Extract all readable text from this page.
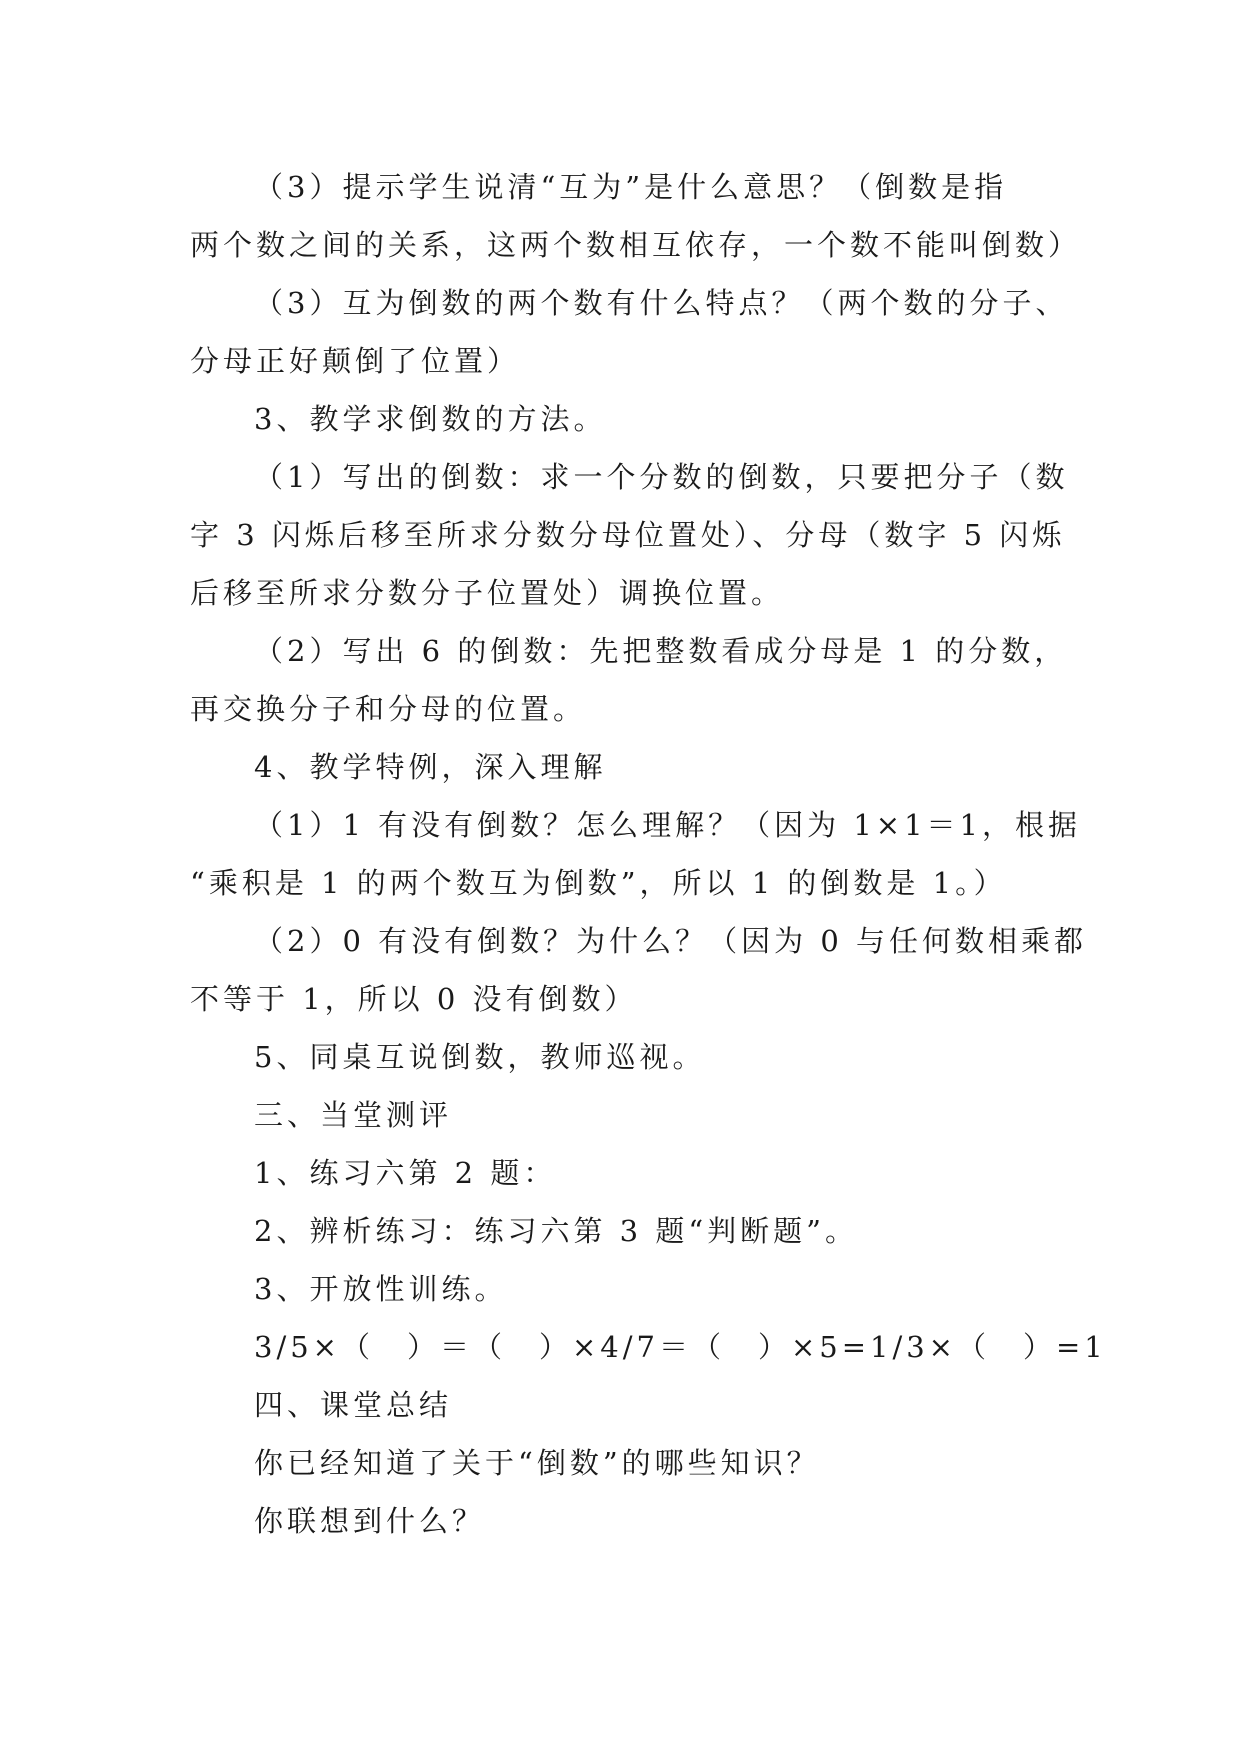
（3）提示学生说清“互为”是什么意思？（倒数是指
两个数之间的关系，这两个数相互依存，一个数不能叫倒数）
（3）互为倒数的两个数有什么特点？（两个数的分子、
分母正好颠倒了位置）
3、教学求倒数的方法。
（1）写出的倒数：求一个分数的倒数，只要把分子（数
字 3 闪烁后移至所求分数分母位置处）、分母（数字 5 闪烁
后移至所求分数分子位置处）调换位置。
（2）写出 6 的倒数：先把整数看成分母是 1 的分数，
再交换分子和分母的位置。
4、教学特例，深入理解
（1）1 有没有倒数？怎么理解？（因为 1×1＝1，根据
“乘积是 1 的两个数互为倒数”，所以 1 的倒数是 1。）
（2）0 有没有倒数？为什么？（因为 0 与任何数相乘都
不等于 1，所以 0 没有倒数）
5、同桌互说倒数，教师巡视。
三、当堂测评
1、练习六第 2 题：
2、辨析练习：练习六第 3 题“判断题”。
3、开放性训练。
3/5×（　）＝（　）×4/7＝（　）×5=1/3×（　）=1
四、课堂总结
你已经知道了关于“倒数”的哪些知识？
你联想到什么？
